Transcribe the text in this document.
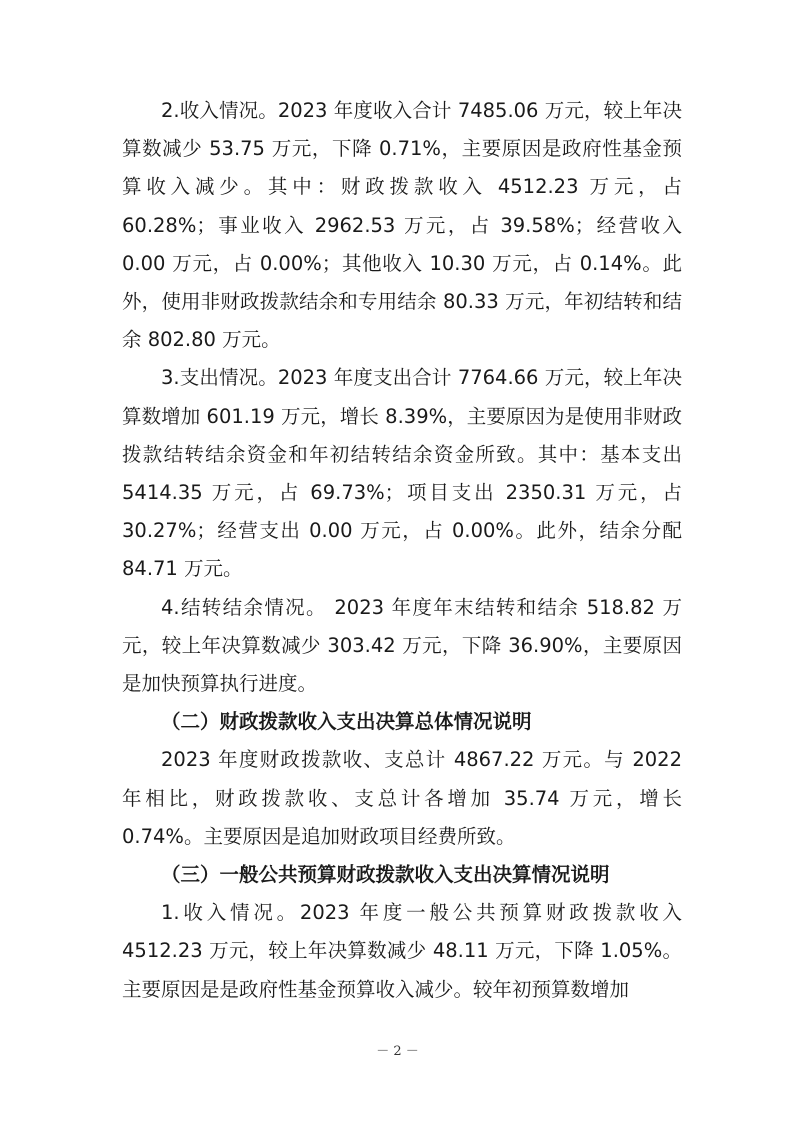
2.收入情况。2023 年度收入合计 7485.06 万元，较上年决算数减少 53.75 万元，下降 0.71%，主要原因是政府性基金预算收入减少。其中：财政拨款收入 4512.23 万元，占 60.28%；事业收入 2962.53 万元，占 39.58%；经营收入 0.00 万元，占 0.00%；其他收入 10.30 万元，占 0.14%。此外，使用非财政拨款结余和专用结余 80.33 万元，年初结转和结余 802.80 万元。

3.支出情况。2023 年度支出合计 7764.66 万元，较上年决算数增加 601.19 万元，增长 8.39%，主要原因为是使用非财政拨款结转结余资金和年初结转结余资金所致。其中：基本支出 5414.35 万元，占 69.73%；项目支出 2350.31 万元，占 30.27%；经营支出 0.00 万元，占 0.00%。此外，结余分配 84.71 万元。

4.结转结余情况。 2023 年度年末结转和结余 518.82 万元，较上年决算数减少 303.42 万元，下降 36.90%，主要原因是加快预算执行进度。

（二）财政拨款收入支出决算总体情况说明

2023 年度财政拨款收、支总计 4867.22 万元。与 2022 年相比，财政拨款收、支总计各增加 35.74 万元，增长 0.74%。主要原因是追加财政项目经费所致。

（三）一般公共预算财政拨款收入支出决算情况说明

1.收入情况。2023 年度一般公共预算财政拨款收入 4512.23 万元，较上年决算数减少 48.11 万元，下降 1.05%。主要原因是是政府性基金预算收入减少。较年初预算数增加

－ 2 －
